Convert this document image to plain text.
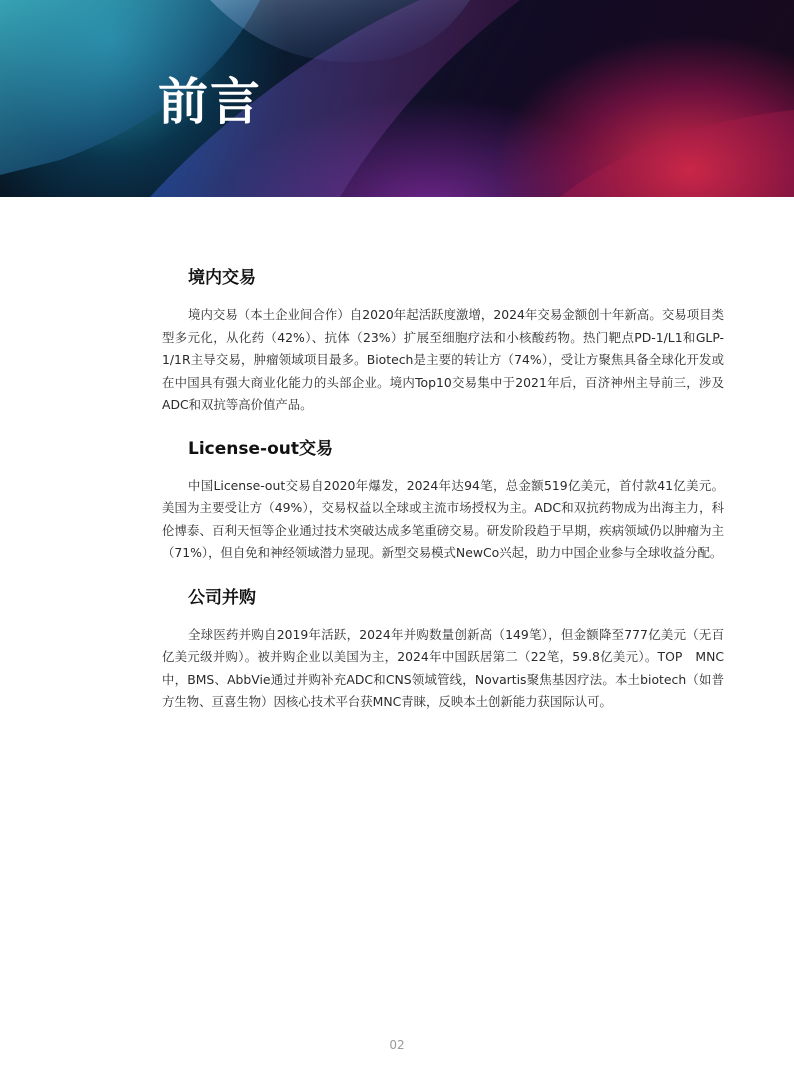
前言
境内交易

境内交易（本土企业间合作）自2020年起活跃度激增，2024年交易金额创十年新高。交易项目类型多元化，从化药（42%）、抗体（23%）扩展至细胞疗法和小核酸药物。热门靶点PD-1/L1和GLP-1/1R主导交易，肿瘤领域项目最多。Biotech是主要的转让方（74%），受让方聚焦具备全球化开发或在中国具有强大商业化能力的头部企业。境内Top10交易集中于2021年后，百济神州主导前三，涉及ADC和双抗等高价值产品。

License-out交易

中国License-out交易自2020年爆发，2024年达94笔，总金额519亿美元，首付款41亿美元。美国为主要受让方（49%），交易权益以全球或主流市场授权为主。ADC和双抗药物成为出海主力，科伦博泰、百利天恒等企业通过技术突破达成多笔重磅交易。研发阶段趋于早期，疾病领域仍以肿瘤为主（71%），但自免和神经领域潜力显现。新型交易模式NewCo兴起，助力中国企业参与全球收益分配。

公司并购

全球医药并购自2019年活跃，2024年并购数量创新高（149笔），但金额降至777亿美元（无百亿美元级并购）。被并购企业以美国为主，2024年中国跃居第二（22笔，59.8亿美元）。TOP　MNC中，BMS、AbbVie通过并购补充ADC和CNS领域管线，Novartis聚焦基因疗法。本土biotech（如普方生物、亘喜生物）因核心技术平台获MNC青睐，反映本土创新能力获国际认可。

02
